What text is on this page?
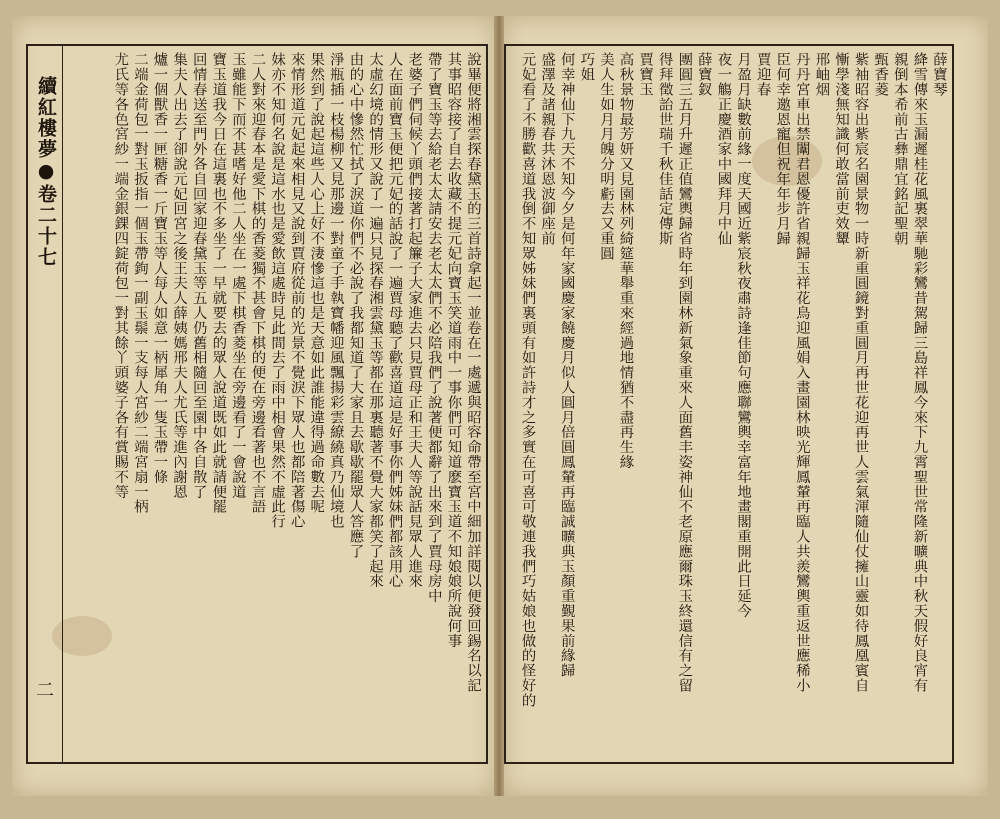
續紅樓夢●卷二十七
二	說畢便將湘雲探春黛玉的三首詩拿起一並卷在一處遞與昭容命帶至宮中細加詳閱以便發回錫名以記
其事昭容接了自去收藏不提元妃向寶玉笑道雨中一事你們可知道麽寶玉道不知娘娘所說何事
帶了寶玉等去給老太太請安去老太太們不必陪我們了說著便都辭了出來到了賈母房中
老婆子們伺候丫頭們接著打起簾子大家進去只見賈母正和王夫人等說話見眾人進來
人在面前寶玉便把元妃的話說了一遍賈母聽了歡喜道這是好事你們姊妹們都該用心
太虛幻境的情形又說了一遍只見探春湘雲黛玉等都在那裏聽著不覺大家都笑了起來
由的心中慘然忙拭了淚道你們不必說了我都知道了大家且去歇歇罷眾人答應了
淨瓶插一枝楊柳又見那邊一對童子手執寶幡迎風飄揚彩雲繚繞真乃仙境也
果然到了說起這些人心上好不淒慘這也是天意如此誰能違得過命數去呢
來情形道元妃起來相見又說到賈府從前的光景不覺淚下眾人也都陪著傷心
妹亦不知何名說是這水也是愛飲這處時見此間去了雨中相會果然不虛此行
二人對來迎春本是愛下棋的香菱獨不甚會下棋的便在旁邊看著也不言語
玉雖能下而不甚嗜好他二人坐在一處下棋香菱坐在旁邊看了一會說道
寶玉道我今日在這裏也不多坐了一早就要去的眾人說道既如此就請便罷
回情春送至門外各自回家迎春黛玉等五人仍舊相隨回至園中各自散了
集夫人出去了卻說元妃回宮之後王夫人薛姨媽邢夫人尤氏等進內謝恩
爐一個獸香一匣糖香一斤寶玉等人每人如意一柄犀角一隻玉帶一條
二端金荷包一對玉扳指一個玉帶鉤一副玉鬃一支每人宮紗二端宮扇一柄
尤氏等各色宮紗一端金銀錁四錠荷包一對其餘丫頭婆子各有賞賜不等	薛寶琴
絳雪傳來玉漏遲桂花風裏翠華馳彩鸞昔駕歸三島祥鳳今來下九霄聖世常隆新曠典中秋天假好良宵有
親倒本希前古彝鼎宜銘記聖朝
甄香菱
紫袖昭容出紫宸名園景物一時新重圓鏡對重圓月再世花迎再世人雲氣渾隨仙仗擁山靈如待鳳凰賓自
慚學淺無知識何敢當前吏效顰
邢岫烟
丹丹宮車出禁闈君恩優許省親歸玉祥花鳥迎風娟入畫園林映光輝鳳輦再臨人共羨鸞輿重返世應稀小
臣何幸邀恩寵但祝年年步月歸
賈迎春
月盈月缺數前緣一度天國近紫宸秋夜肅詩逢佳節句應聯鸞輿幸富年地畫閣重開此日延今
夜一觴正慶酒家中國拜月中仙
薛寶釵
團圓三五月升遲正值鸞輿歸省時年到園林新氣象重來人面舊丰姿神仙不老原應爾珠玉終還信有之留
得拜徵詒世瑞千秋佳話定傳斯
賈寶玉
高秋景物最芳妍又見園林列綺筵華舉重來經過地情猶不盡再生緣
美人生如月月魄分明虧去又重圓
巧姐
何幸神仙下九天不知今夕是何年家國慶家饒慶月似人圓月倍圓鳳輦再臨誠曠典玉顏重覲果前緣歸
盛澤及諸親春共沐恩波御座前
元妃看了不勝歡喜道我倒不知眾姊妹們裏頭有如許詩才之多實在可喜可敬連我們巧姑娘也做的怪好的
